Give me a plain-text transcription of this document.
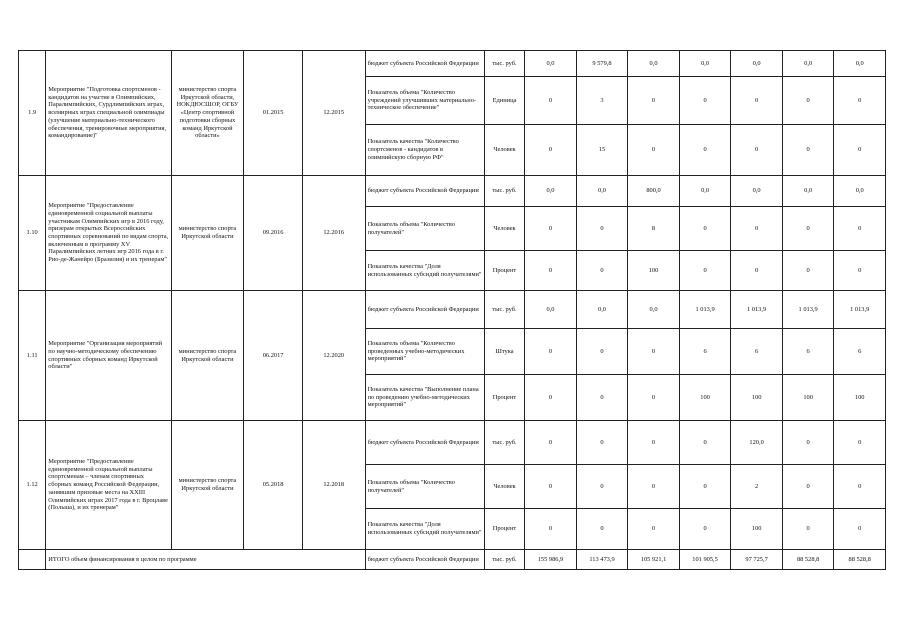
1.9	Мероприятие "Подготовка спортсменов - кандидатов на участие в Олимпийских, Паралимпийских, Сурдлимпийских играх, всемирных играх специальной олимпиады (улучшение материально-технического обеспечения, тренировочные мероприятия, командирование)"	министерство спорта Иркутской области, НОКДЮСШОР, ОГБУ «Центр спортивной подготовки сборных команд Иркутской области»	01.2015	12.2015	бюджет субъекта Российской Федерации	тыс. руб.	0,0	9 579,8	0,0	0,0	0,0	0,0	0,0
					Показатель объема "Количество учреждений улучшивших материально-техническое обеспечение"	Единица	0	3	0	0	0	0	0
					Показатель качества "Количество спортсменов - кандидатов в олимпийскую сборную РФ"	Человек	0	15	0	0	0	0	0
1.10	Мероприятие "Предоставление единовременной социальной выплаты участникам Олимпийских игр в 2016 году, призерам открытых Всероссийских спортивных соревнований по видам спорта, включенным в программу XV Паралимпийских летних игр 2016 года в г. Рио-де-Жанейро (Бразилия) и их тренерам"	министерство спорта Иркутской области	09.2016	12.2016	бюджет субъекта Российской Федерации	тыс. руб.	0,0	0,0	800,0	0,0	0,0	0,0	0,0
					Показатель объема "Количество получателей"	Человек	0	0	8	0	0	0	0
					Показатель качества "Доля использованных субсидий получателями"	Процент	0	0	100	0	0	0	0
1.11	Мероприятие "Организация мероприятий по научно-методическому обеспечению спортивных сборных команд Иркутской области"	министерство спорта Иркутской области	06.2017	12.2020	бюджет субъекта Российской Федерации	тыс. руб.	0,0	0,0	0,0	1 013,9	1 013,9	1 013,9	1 013,9
					Показатель объема "Количество проведенных учебно-методических мероприятий"	Штука	0	0	0	6	6	6	6
					Показатель качества "Выполнение плана по проведению учебно-методических мероприятий"	Процент	0	0	0	100	100	100	100
1.12	Мероприятие "Предоставление единовременной социальной выплаты спортсменам – членам спортивных сборных команд Российской Федерации, занявшим призовые места на XXIII Олимпийских играх 2017 года в г. Вроцлаве (Польша), и их тренерам"	министерство спорта Иркутской области	05.2018	12.2018	бюджет субъекта Российской Федерации	тыс. руб.	0	0	0	0	120,0	0	0
					Показатель объема "Количество получателей"	Человек	0	0	0	0	2	0	0
					Показатель качества "Доля использованных субсидий получателями"	Процент	0	0	0	0	100	0	0
	ИТОГО объем финансирования в целом по программе				бюджет субъекта Российской Федерации	тыс. руб.	155 986,9	113 473,9	105 921,1	101 905,5	97 725,7	88 528,8	88 528,8
